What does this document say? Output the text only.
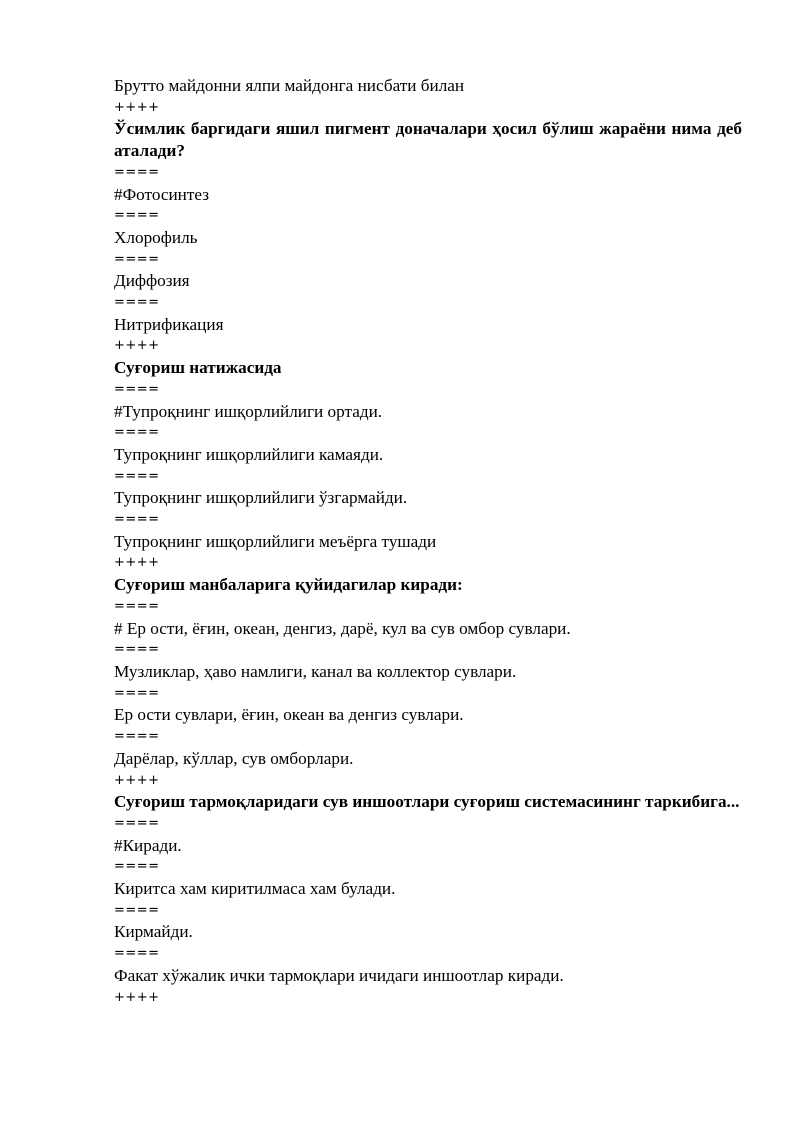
Брутто майдонни ялпи майдонга нисбати билан
++++
Ўсимлик баргидаги яшил пигмент доначалари ҳосил бўлиш жараёни нима деб аталади?
====
#Фотосинтез
====
Хлорофиль
====
Диффозия
====
Нитрификация
++++
Суғориш натижасида
====
#Тупроқнинг ишқорлийлиги ортади.
====
Тупроқнинг ишқорлийлиги камаяди.
====
Тупроқнинг ишқорлийлиги ўзгармайди.
====
Тупроқнинг ишқорлийлиги меъёрга тушади
++++
Суғориш манбаларига қуйидагилар киради:
====
# Ер ости, ёғин, океан, денгиз, дарё, кул ва сув омбор сувлари.
====
Музликлар, ҳаво намлиги, канал ва коллектор сувлари.
====
Ер ости сувлари, ёғин, океан ва денгиз сувлари.
====
Дарёлар, кўллар, сув омборлари.
++++
Суғориш тармоқларидаги сув иншоотлари суғориш системасининг таркибига...
====
#Киради.
====
Киритса хам киритилмаса хам булади.
====
Кирмайди.
====
Факат хўжалик ички тармоқлари ичидаги иншоотлар киради.
++++
